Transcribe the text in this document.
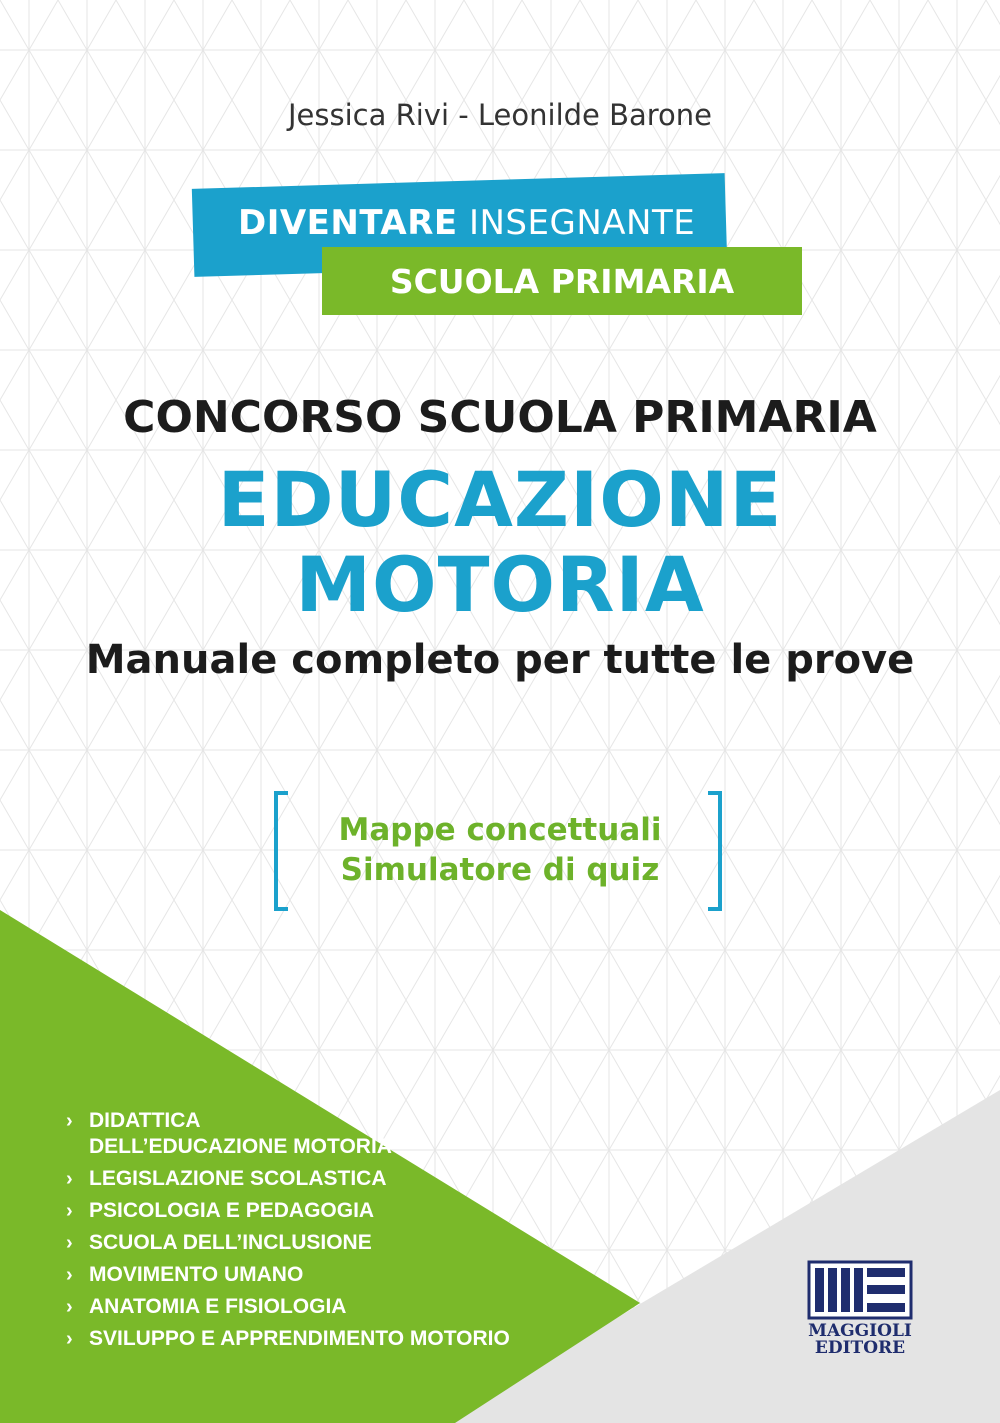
Jessica Rivi - Leonilde Barone
DIVENTARE INSEGNANTE
SCUOLA PRIMARIA
CONCORSO SCUOLA PRIMARIA
EDUCAZIONE
MOTORIA
Manuale completo per tutte le prove
Mappe concettuali
Simulatore di quiz
› DIDATTICA
DELL’EDUCAZIONE MOTORIA
› LEGISLAZIONE SCOLASTICA
› PSICOLOGIA E PEDAGOGIA
› SCUOLA DELL’INCLUSIONE
› MOVIMENTO UMANO
› ANATOMIA E FISIOLOGIA
› SVILUPPO E APPRENDIMENTO MOTORIO	MAGGIOLI
EDITORE
